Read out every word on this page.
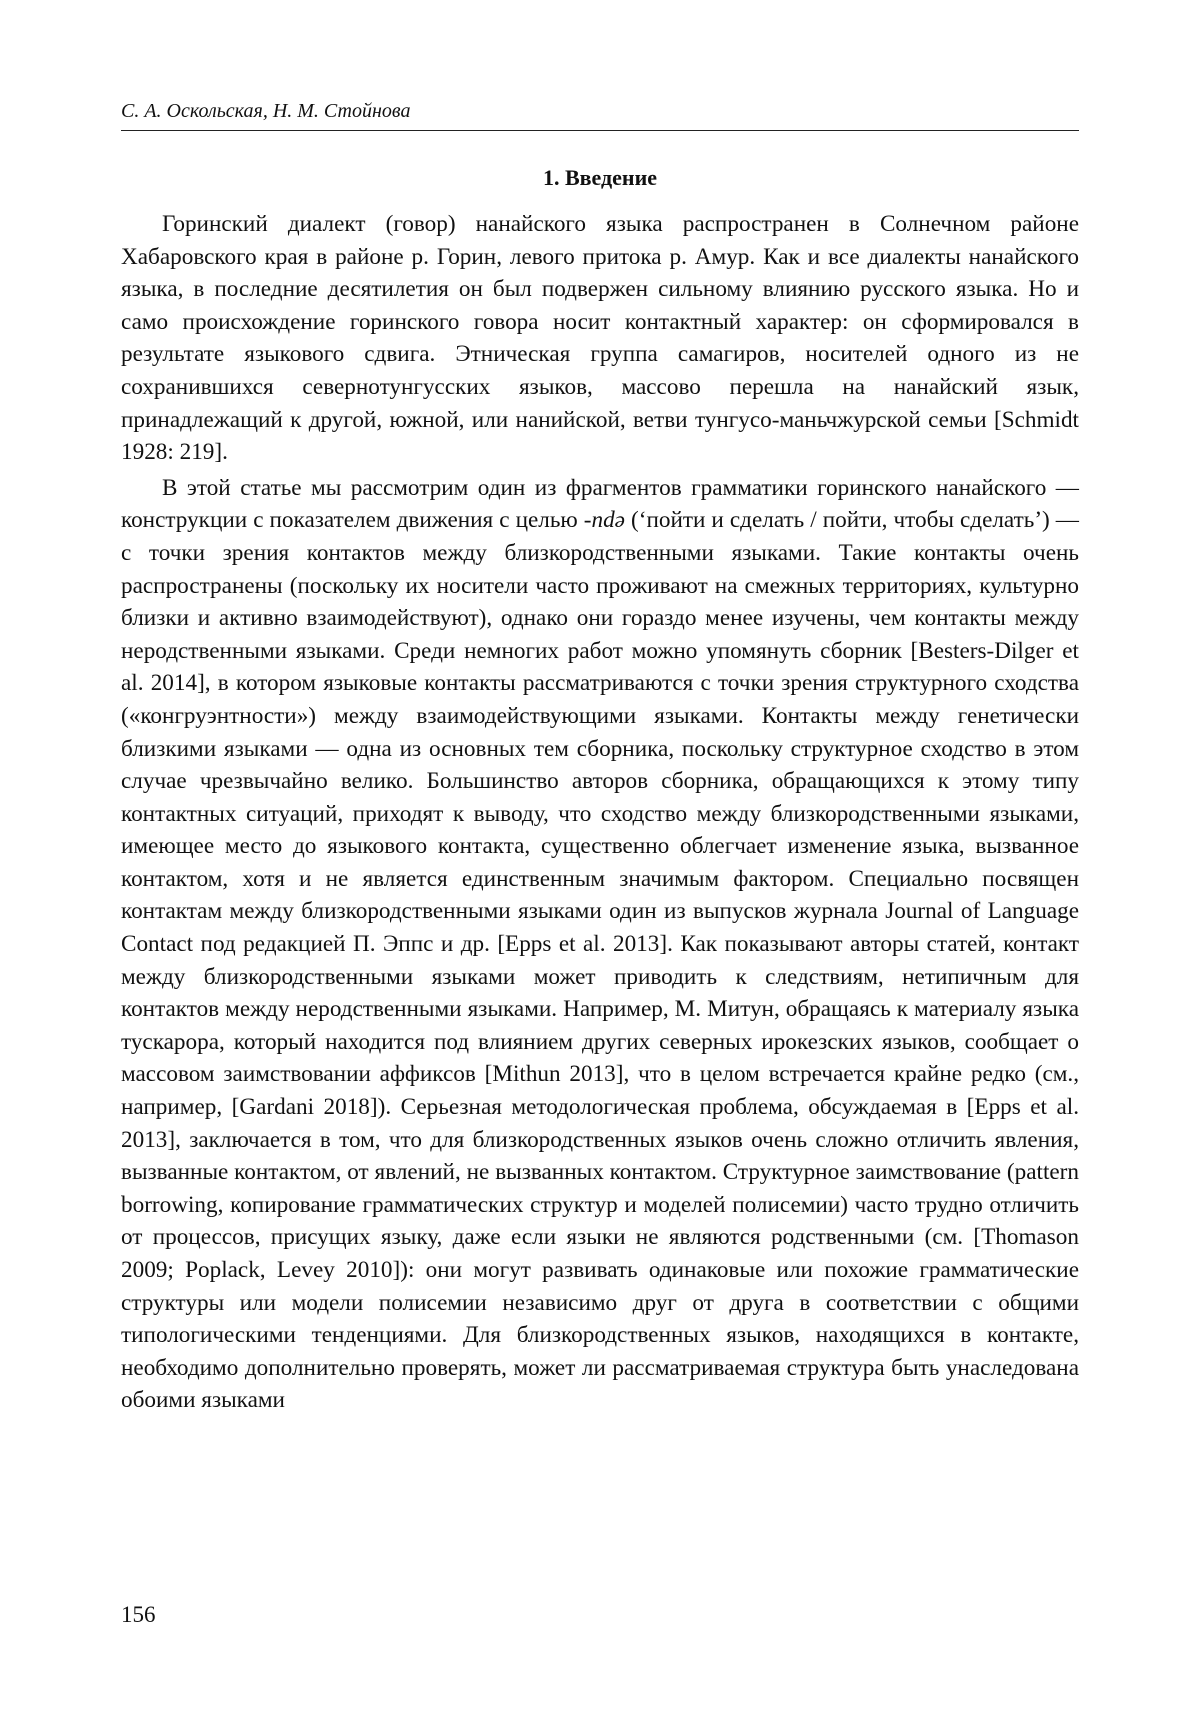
С. А. Оскольская, Н. М. Стойнова
1. Введение

Горинский диалект (говор) нанайского языка распространен в Солнечном районе Хабаровского края в районе р. Горин, левого притока р. Амур. Как и все диалекты нанайского языка, в последние десятилетия он был подвержен сильному влиянию русского языка. Но и само происхождение горинского говора носит контактный характер: он сформировался в результате языкового сдвига. Этническая группа самагиров, носителей одного из не сохранившихся севернотунгусских языков, массово перешла на нанайский язык, принадлежащий к другой, южной, или нанийской, ветви тунгусо-маньчжурской семьи [Schmidt 1928: 219].

В этой статье мы рассмотрим один из фрагментов грамматики горинского нанайского — конструкции с показателем движения с целью -ndə (‘пойти и сделать / пойти, чтобы сделать’) — с точки зрения контактов между близкородственными языками. Такие контакты очень распространены (поскольку их носители часто проживают на смежных территориях, культурно близки и активно взаимодействуют), однако они гораздо менее изучены, чем контакты между неродственными языками. Среди немногих работ можно упомянуть сборник [Besters-Dilger et al. 2014], в котором языковые контакты рассматриваются с точки зрения структурного сходства («конгруэнтности») между взаимодействующими языками. Контакты между генетически близкими языками — одна из основных тем сборника, поскольку структурное сходство в этом случае чрезвычайно велико. Большинство авторов сборника, обращающихся к этому типу контактных ситуаций, приходят к выводу, что сходство между близкородственными языками, имеющее место до языкового контакта, существенно облегчает изменение языка, вызванное контактом, хотя и не является единственным значимым фактором. Специально посвящен контактам между близкородственными языками один из выпусков журнала Journal of Language Contact под редакцией П. Эппс и др. [Epps et al. 2013]. Как показывают авторы статей, контакт между близкородственными языками может приводить к следствиям, нетипичным для контактов между неродственными языками. Например, М. Митун, обращаясь к материалу языка тускарора, который находится под влиянием других северных ирокезских языков, сообщает о массовом заимствовании аффиксов [Mithun 2013], что в целом встречается крайне редко (см., например, [Gardani 2018]). Серьезная методологическая проблема, обсуждаемая в [Epps et al. 2013], заключается в том, что для близкородственных языков очень сложно отличить явления, вызванные контактом, от явлений, не вызванных контактом. Структурное заимствование (pattern borrowing, копирование грамматических структур и моделей полисемии) часто трудно отличить от процессов, присущих языку, даже если языки не являются родственными (см. [Thomason 2009; Poplack, Levey 2010]): они могут развивать одинаковые или похожие грамматические структуры или модели полисемии независимо друг от друга в соответствии с общими типологическими тенденциями. Для близкородственных языков, находящихся в контакте, необходимо дополнительно проверять, может ли рассматриваемая структура быть унаследована обоими языками

156
